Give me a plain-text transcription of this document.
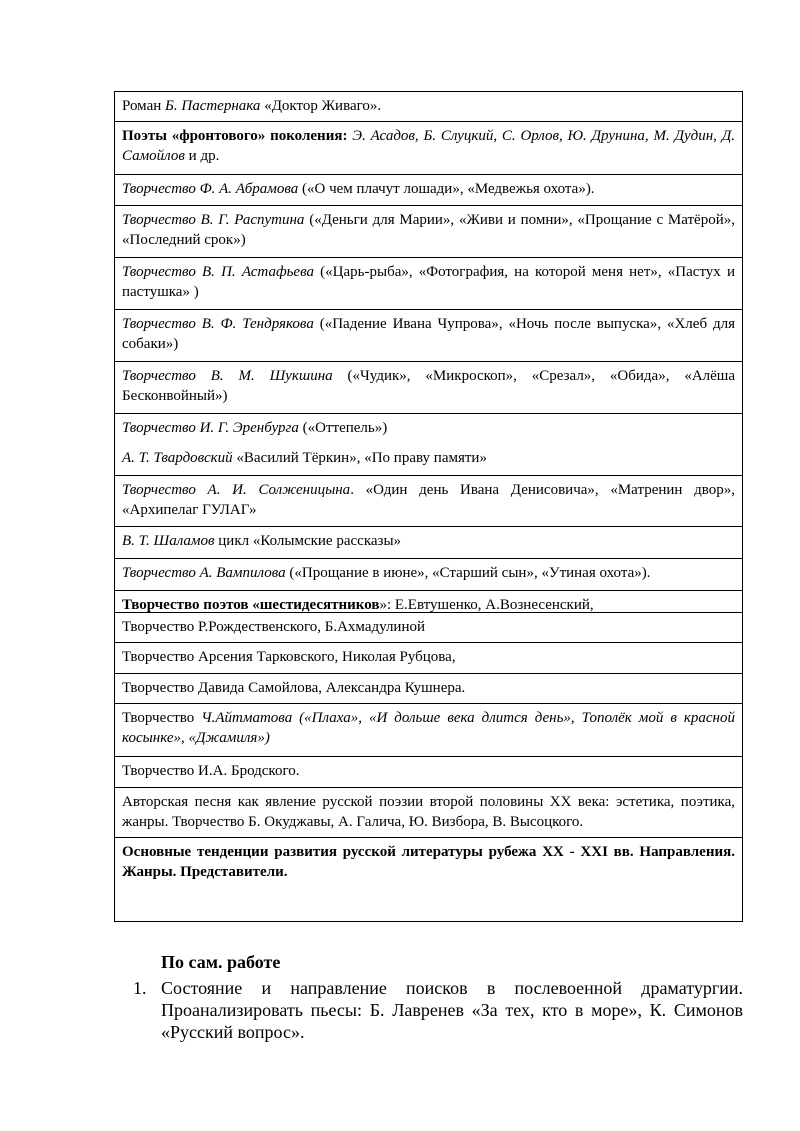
Роман Б. Пастернака «Доктор Живаго».

Поэты «фронтового» поколения: Э. Асадов, Б. Слуцкий, С. Орлов, Ю. Друнина, М. Дудин, Д. Самойлов и др.

Творчество Ф. А. Абрамова («О чем плачут лошади», «Медвежья охота»).

Творчество В. Г. Распутина («Деньги для Марии», «Живи и помни», «Прощание с Матёрой», «Последний срок»)

Творчество В. П. Астафьева («Царь-рыба», «Фотография, на которой меня нет», «Пастух и пастушка» )

Творчество В. Ф. Тендрякова («Падение Ивана Чупрова», «Ночь после выпуска», «Хлеб для собаки»)

Творчество В. М. Шукшина («Чудик», «Микроскоп», «Срезал», «Обида», «Алёша Бесконвойный»)

Творчество И. Г. Эренбурга («Оттепель»)

А. Т. Твардовский «Василий Тёркин», «По праву памяти»

Творчество А. И. Солженицына. «Один день Ивана Денисовича», «Матренин двор», «Архипелаг ГУЛАГ»

В. Т. Шаламов цикл «Колымские рассказы»

Творчество А. Вампилова («Прощание в июне», «Старший сын», «Утиная охота»).

Творчество поэтов «шестидесятников»: Е.Евтушенко, А.Вознесенский,

Творчество Р.Рождественского, Б.Ахмадулиной

Творчество Арсения Тарковского, Николая Рубцова,

Творчество Давида Самойлова, Александра Кушнера.

Творчество Ч.Айтматова («Плаха», «И дольше века длится день», Тополёк мой в красной косынке», «Джамиля»)

Творчество И.А. Бродского.

Авторская песня как явление русской поэзии второй половины XX века: эстетика, поэтика, жанры. Творчество Б. Окуджавы, А. Галича, Ю. Визбора, В. Высоцкого.

Основные тенденции развития русской литературы рубежа XX - XXI вв. Направления. Жанры. Представители.

По сам. работе
1. Состояние и направление поисков в послевоенной драматургии. Проанализировать пьесы: Б. Лавренев «За тех, кто в море», К. Симонов «Русский вопрос».
